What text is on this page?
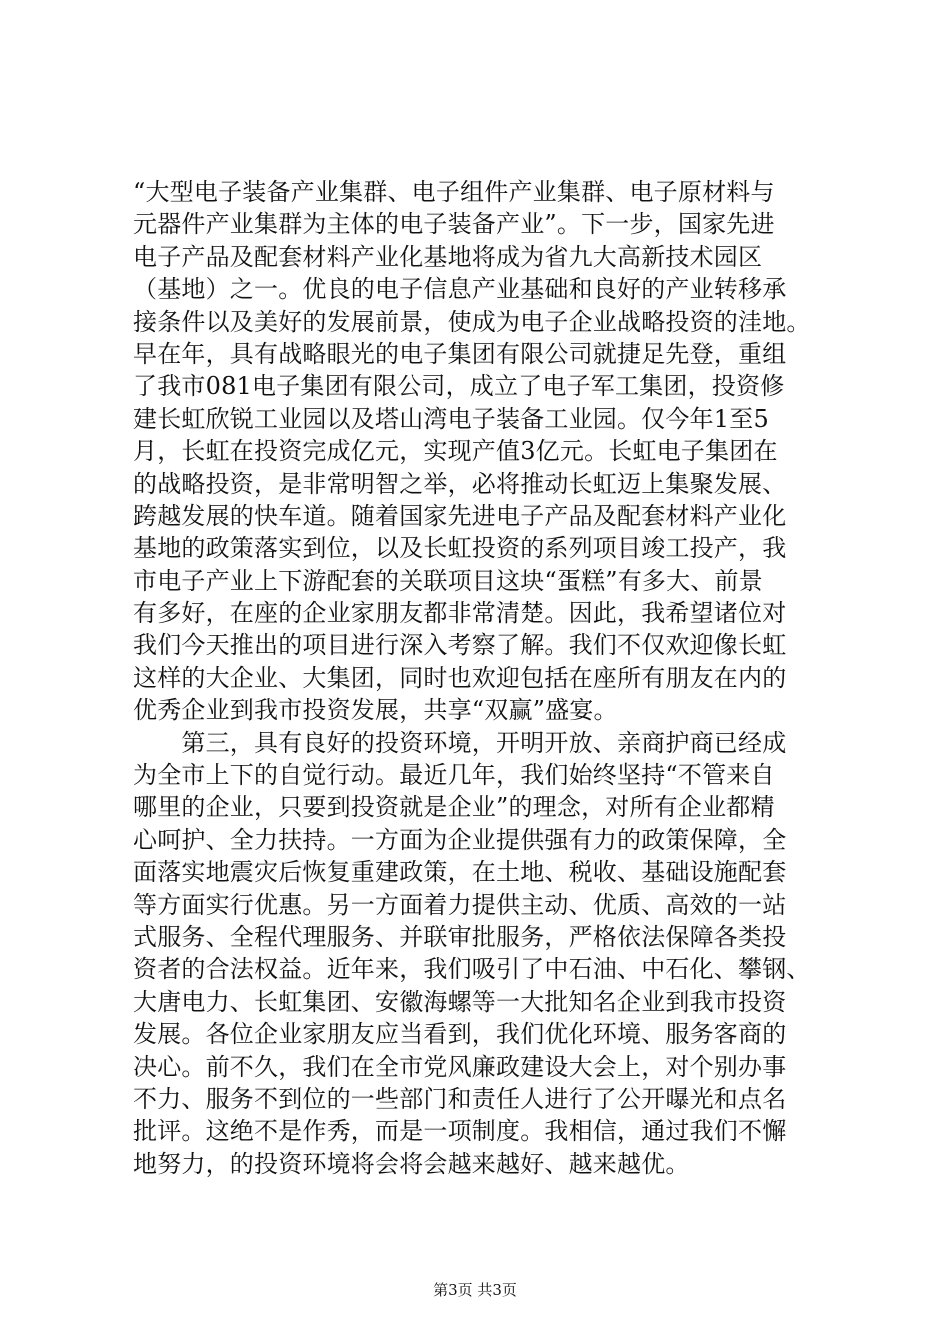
“大型电子装备产业集群、电子组件产业集群、电子原材料与
元器件产业集群为主体的电子装备产业”。下一步，国家先进
电子产品及配套材料产业化基地将成为省九大高新技术园区
（基地）之一。优良的电子信息产业基础和良好的产业转移承
接条件以及美好的发展前景，使成为电子企业战略投资的洼地。
早在年，具有战略眼光的电子集团有限公司就捷足先登，重组
了我市081电子集团有限公司，成立了电子军工集团，投资修
建长虹欣锐工业园以及塔山湾电子装备工业园。仅今年1至5
月，长虹在投资完成亿元，实现产值3亿元。长虹电子集团在
的战略投资，是非常明智之举，必将推动长虹迈上集聚发展、
跨越发展的快车道。随着国家先进电子产品及配套材料产业化
基地的政策落实到位，以及长虹投资的系列项目竣工投产，我
市电子产业上下游配套的关联项目这块“蛋糕”有多大、前景
有多好，在座的企业家朋友都非常清楚。因此，我希望诸位对
我们今天推出的项目进行深入考察了解。我们不仅欢迎像长虹
这样的大企业、大集团，同时也欢迎包括在座所有朋友在内的
优秀企业到我市投资发展，共享“双赢”盛宴。
　　第三，具有良好的投资环境，开明开放、亲商护商已经成
为全市上下的自觉行动。最近几年，我们始终坚持“不管来自
哪里的企业，只要到投资就是企业”的理念，对所有企业都精
心呵护、全力扶持。一方面为企业提供强有力的政策保障，全
面落实地震灾后恢复重建政策，在土地、税收、基础设施配套
等方面实行优惠。另一方面着力提供主动、优质、高效的一站
式服务、全程代理服务、并联审批服务，严格依法保障各类投
资者的合法权益。近年来，我们吸引了中石油、中石化、攀钢、
大唐电力、长虹集团、安徽海螺等一大批知名企业到我市投资
发展。各位企业家朋友应当看到，我们优化环境、服务客商的
决心。前不久，我们在全市党风廉政建设大会上，对个别办事
不力、服务不到位的一些部门和责任人进行了公开曝光和点名
批评。这绝不是作秀，而是一项制度。我相信，通过我们不懈
地努力，的投资环境将会将会越来越好、越来越优。
第3页 共3页
